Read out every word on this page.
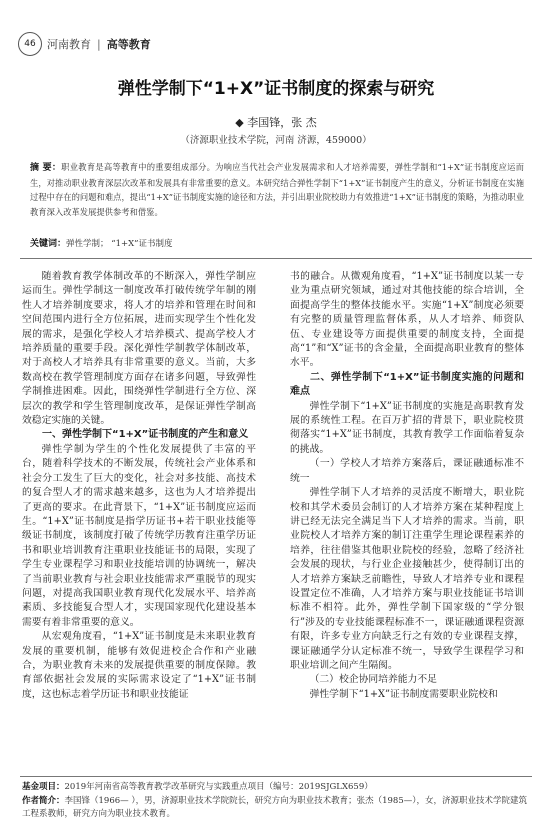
46	河南教育 | 高等教育
弹性学制下“1+X”证书制度的探索与研究
◆ 李国锋，张 杰
（济源职业技术学院，河南 济源，459000）
摘 要：职业教育是高等教育中的重要组成部分。为响应当代社会产业发展需求和人才培养需要，弹性学制和“1+X”证书制度应运而生，对推动职业教育深层次改革和发展具有非常重要的意义。本研究结合弹性学制下“1+X”证书制度产生的意义，分析证书制度在实施过程中存在的问题和难点，提出“1+X”证书制度实施的途径和方法，并引出职业院校助力有效推进“1+X”证书制度的策略，为推动职业教育深入改革发展提供参考和借鉴。
关键词：弹性学制； “1+X”证书制度

随着教育教学体制改革的不断深入，弹性学制应运而生。弹性学制这一制度改革打破传统学年制的刚性人才培养制度要求，将人才的培养和管理在时间和空间范围内进行全方位拓展，进而实现学生个性化发展的需求，是强化学校人才培养模式、提高学校人才培养质量的重要手段。深化弹性学制教学体制改革，对于高校人才培养具有非常重要的意义。当前，大多数高校在教学管理制度方面存在诸多问题，导致弹性学制推进困难。因此，围绕弹性学制进行全方位、深层次的教学和学生管理制度改革，是保证弹性学制高效稳定实施的关键。

一、弹性学制下“1+X”证书制度的产生和意义

弹性学制为学生的个性化发展提供了丰富的平台，随着科学技术的不断发展，传统社会产业体系和社会分工发生了巨大的变化，社会对多技能、高技术的复合型人才的需求越来越多，这也为人才培养提出了更高的要求。在此背景下，“1+X”证书制度应运而生。“1+X”证书制度是指学历证书+若干职业技能等级证书制度，该制度打破了传统学历教育注重学历证书和职业培训教育注重职业技能证书的局限，实现了学生专业课程学习和职业技能培训的协调统一，解决了当前职业教育与社会职业技能需求严重脱节的现实问题，对提高我国职业教育现代化发展水平、培养高素质、多技能复合型人才，实现国家现代化建设基本需要有着非常重要的意义。

从宏观角度看，“1+X”证书制度是未来职业教育发展的重要机制，能够有效促进校企合作和产业融合，为职业教育未来的发展提供重要的制度保障。教育部依据社会发展的实际需求设定了“1+X”证书制度，这也标志着学历证书和职业技能证

书的融合。从微观角度看，“1+X”证书制度以某一专业为重点研究领域，通过对其他技能的综合培训，全面提高学生的整体技能水平。实施“1+X”制度必须要有完整的质量管理监督体系，从人才培养、师资队伍、专业建设等方面提供重要的制度支持，全面提高“1”和“X”证书的含金量，全面提高职业教育的整体水平。

二、弹性学制下“1+X”证书制度实施的问题和难点

弹性学制下“1+X”证书制度的实施是高职教育发展的系统性工程。在百万扩招的背景下，职业院校贯彻落实“1+X”证书制度，其教育教学工作面临着复杂的挑战。

（一）学校人才培养方案落后，课证融通标准不统一

弹性学制下人才培养的灵活度不断增大，职业院校和其学术委员会制订的人才培养方案在某种程度上讲已经无法完全满足当下人才培养的需求。当前，职业院校人才培养方案的制订注重学生理论课程素养的培养，往往借鉴其他职业院校的经验，忽略了经济社会发展的现状，与行业企业接触甚少，使得制订出的人才培养方案缺乏前瞻性，导致人才培养专业和课程设置定位不准确，人才培养方案与职业技能证书培训标准不相符。此外，弹性学制下国家级的“学分银行”涉及的专业技能课程标准不一，课证融通课程资源有限，许多专业方向缺乏行之有效的专业课程支撑，课证融通学分认定标准不统一，导致学生课程学习和职业培训之间产生隔阂。

（二）校企协同培养能力不足

弹性学制下“1+X”证书制度需要职业院校和

基金项目：2019年河南省高等教育教学改革研究与实践重点项目（编号：2019SJGLX659）
作者简介：李国锋（1966— ），男，济源职业技术学院院长，研究方向为职业技术教育；张杰（1985—），女，济源职业技术学院建筑工程系教师，研究方向为职业技术教育。
